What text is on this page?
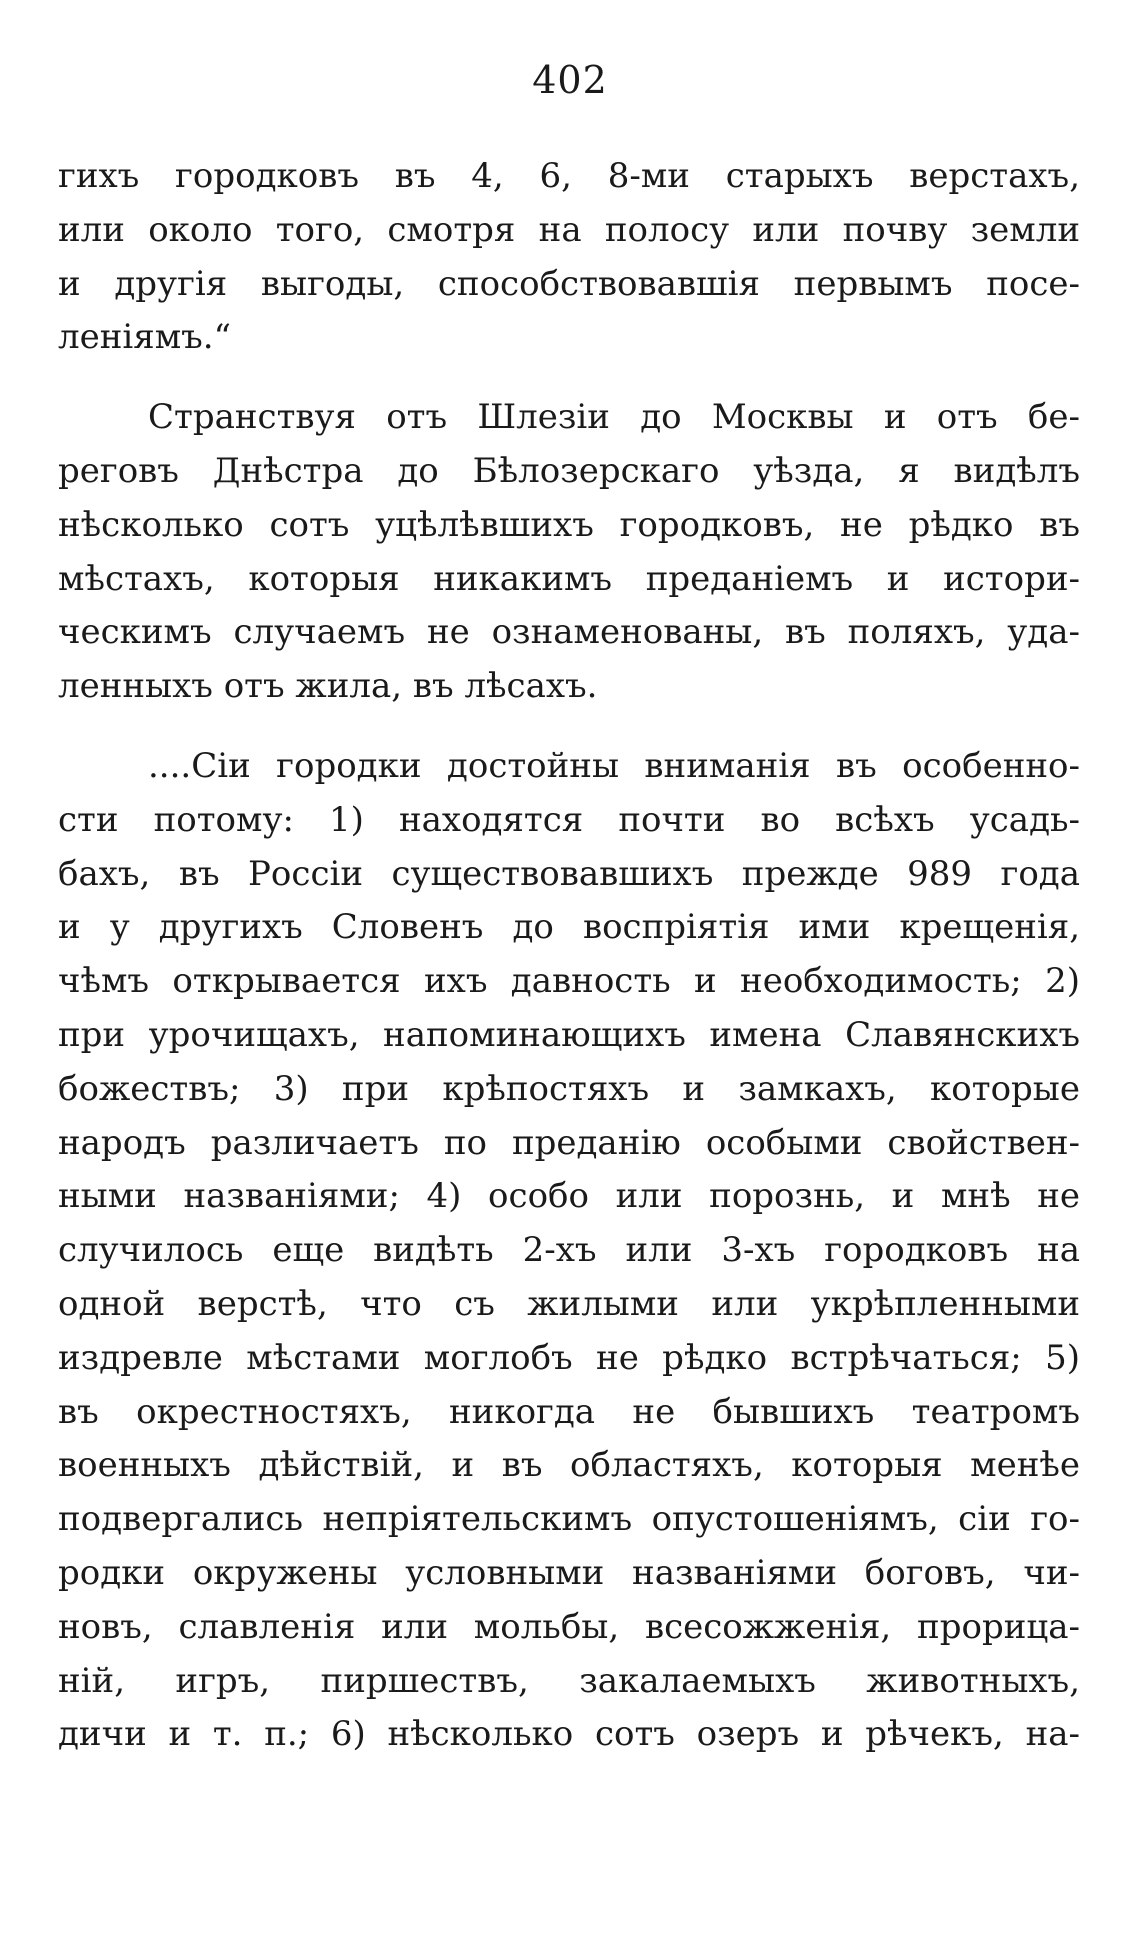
402
гихъ городковъ въ 4, 6, 8-ми старыхъ верстахъ,
или около того, смотря на полосу или почву земли
и другія выгоды, способствовавшія первымъ посе-
леніямъ.“
Странствуя отъ Шлезіи до Москвы и отъ бе-
реговъ Днѣстра до Бѣлозерскаго уѣзда, я видѣлъ
нѣсколько сотъ уцѣлѣвшихъ городковъ, не рѣдко въ
мѣстахъ, которыя никакимъ преданіемъ и истори-
ческимъ случаемъ не ознаменованы, въ поляхъ, уда-
ленныхъ отъ жила, въ лѣсахъ.
....Сіи городки достойны вниманія въ особенно-
сти потому: 1) находятся почти во всѣхъ усадь-
бахъ, въ Россіи существовавшихъ прежде 989 года
и у другихъ Словенъ до воспріятія ими крещенія,
чѣмъ открывается ихъ давность и необходимость; 2)
при урочищахъ, напоминающихъ имена Славянскихъ
божествъ; 3) при крѣпостяхъ и замкахъ, которые
народъ различаетъ по преданію особыми свойствен-
ными названіями; 4) особо или порознь, и мнѣ не
случилось еще видѣть 2-хъ или 3-хъ городковъ на
одной верстѣ, что съ жилыми или укрѣпленными
издревле мѣстами моглобъ не рѣдко встрѣчаться; 5)
въ окрестностяхъ, никогда не бывшихъ театромъ
военныхъ дѣйствій, и въ областяхъ, которыя менѣе
подвергались непріятельскимъ опустошеніямъ, сіи го-
родки окружены условными названіями боговъ, чи-
новъ, славленія или мольбы, всесожженія, прорица-
ній, игръ, пиршествъ, закалаемыхъ животныхъ,
дичи и т. п.; 6) нѣсколько сотъ озеръ и рѣчекъ, на-
